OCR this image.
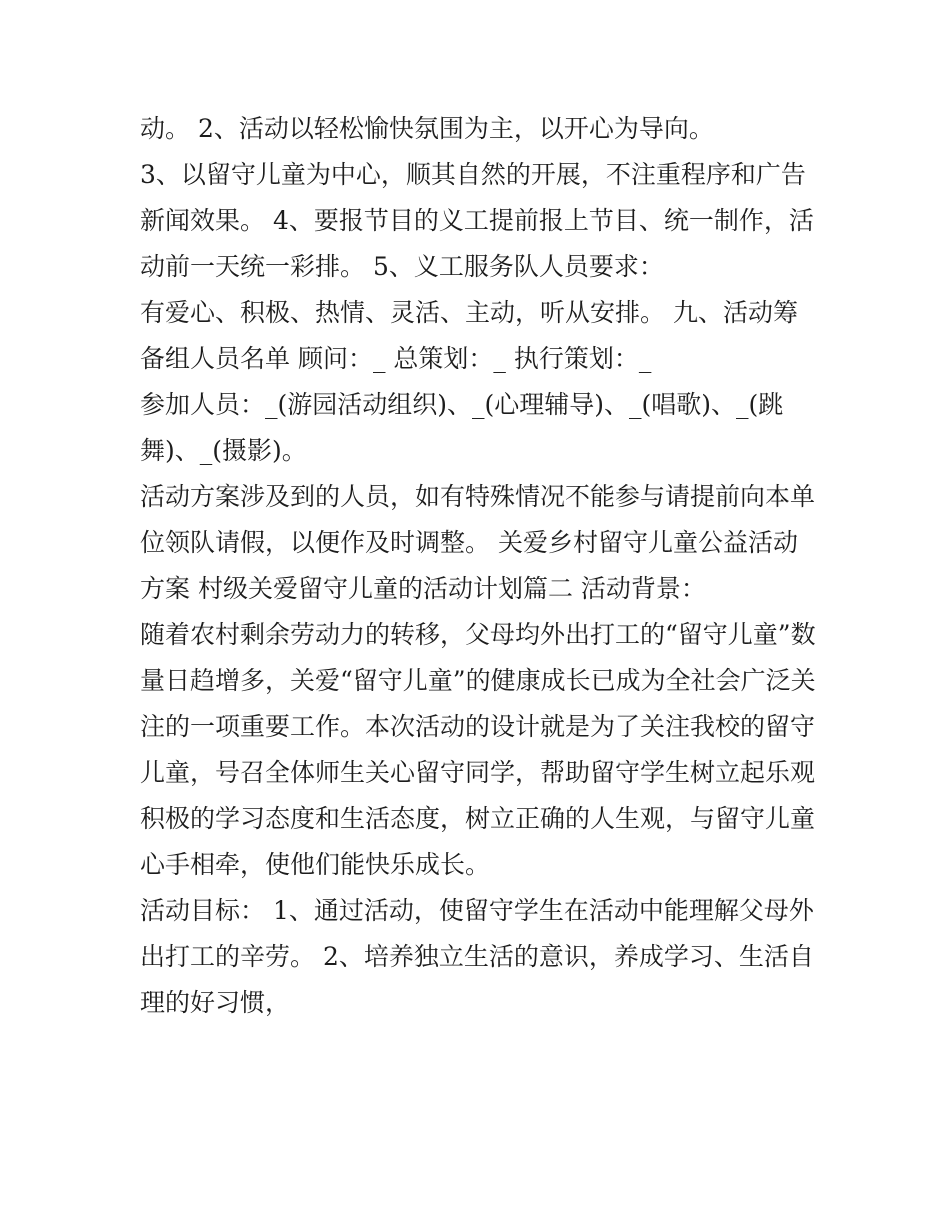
动。 2、活动以轻松愉快氛围为主，以开心为导向。
3、以留守儿童为中心，顺其自然的开展，不注重程序和广告
新闻效果。 4、要报节目的义工提前报上节目、统一制作，活
动前一天统一彩排。 5、义工服务队人员要求：
有爱心、积极、热情、灵活、主动，听从安排。 九、活动筹
备组人员名单 顾问：_ 总策划：_ 执行策划：_
参加人员：_(游园活动组织)、_(心理辅导)、_(唱歌)、_(跳
舞)、_(摄影)。
活动方案涉及到的人员，如有特殊情况不能参与请提前向本单
位领队请假，以便作及时调整。 关爱乡村留守儿童公益活动
方案 村级关爱留守儿童的活动计划篇二 活动背景：
随着农村剩余劳动力的转移，父母均外出打工的“留守儿童”数
量日趋增多，关爱“留守儿童”的健康成长已成为全社会广泛关
注的一项重要工作。本次活动的设计就是为了关注我校的留守
儿童，号召全体师生关心留守同学，帮助留守学生树立起乐观
积极的学习态度和生活态度，树立正确的人生观，与留守儿童
心手相牵，使他们能快乐成长。
活动目标： 1、通过活动，使留守学生在活动中能理解父母外
出打工的辛劳。 2、培养独立生活的意识，养成学习、生活自
理的好习惯，
